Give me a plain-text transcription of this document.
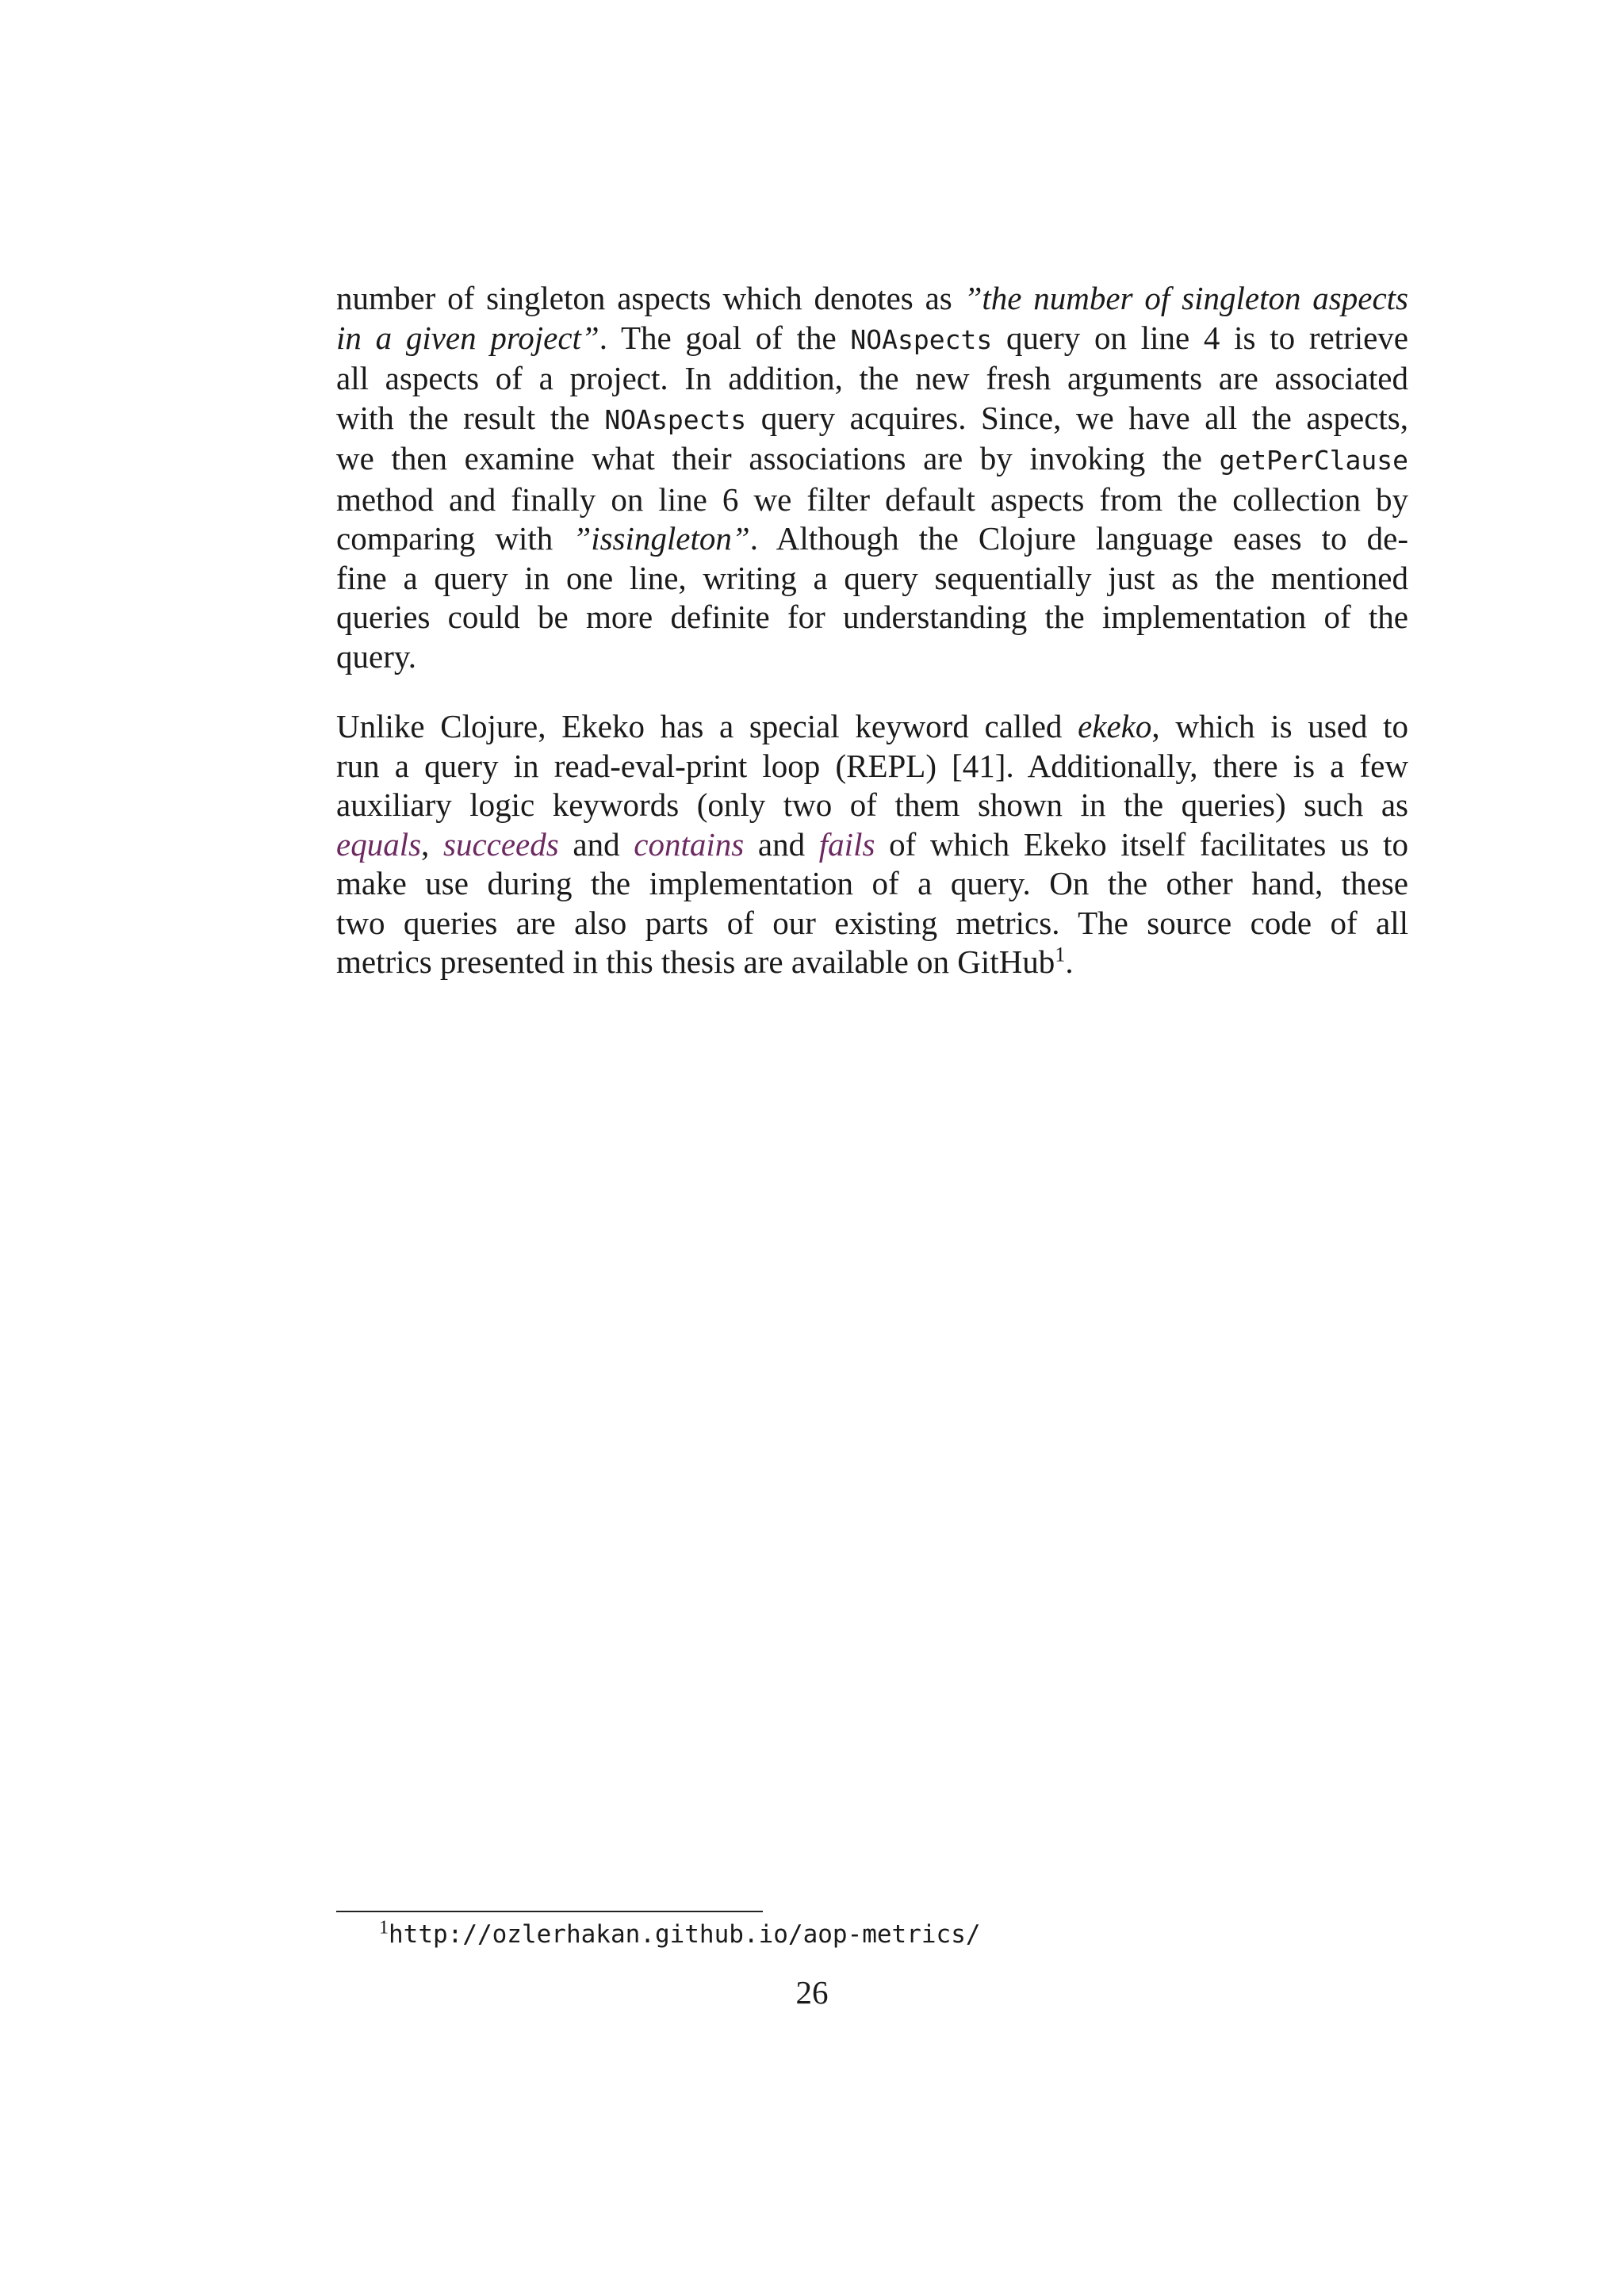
number of singleton aspects which denotes as ”the number of singleton aspects
in a given project”. The goal of the NOAspects query on line 4 is to retrieve
all aspects of a project. In addition, the new fresh arguments are associated
with the result the NOAspects query acquires. Since, we have all the aspects,
we then examine what their associations are by invoking the getPerClause
method and finally on line 6 we filter default aspects from the collection by
comparing with ”issingleton”. Although the Clojure language eases to de-
fine a query in one line, writing a query sequentially just as the mentioned
queries could be more definite for understanding the implementation of the
query.
Unlike Clojure, Ekeko has a special keyword called ekeko, which is used to
run a query in read-eval-print loop (REPL) [41]. Additionally, there is a few
auxiliary logic keywords (only two of them shown in the queries) such as
equals, succeeds and contains and fails of which Ekeko itself facilitates us to
make use during the implementation of a query. On the other hand, these
two queries are also parts of our existing metrics. The source code of all
metrics presented in this thesis are available on GitHub$^1$.
$^1$http://ozlerhakan.github.io/aop-metrics/
26
